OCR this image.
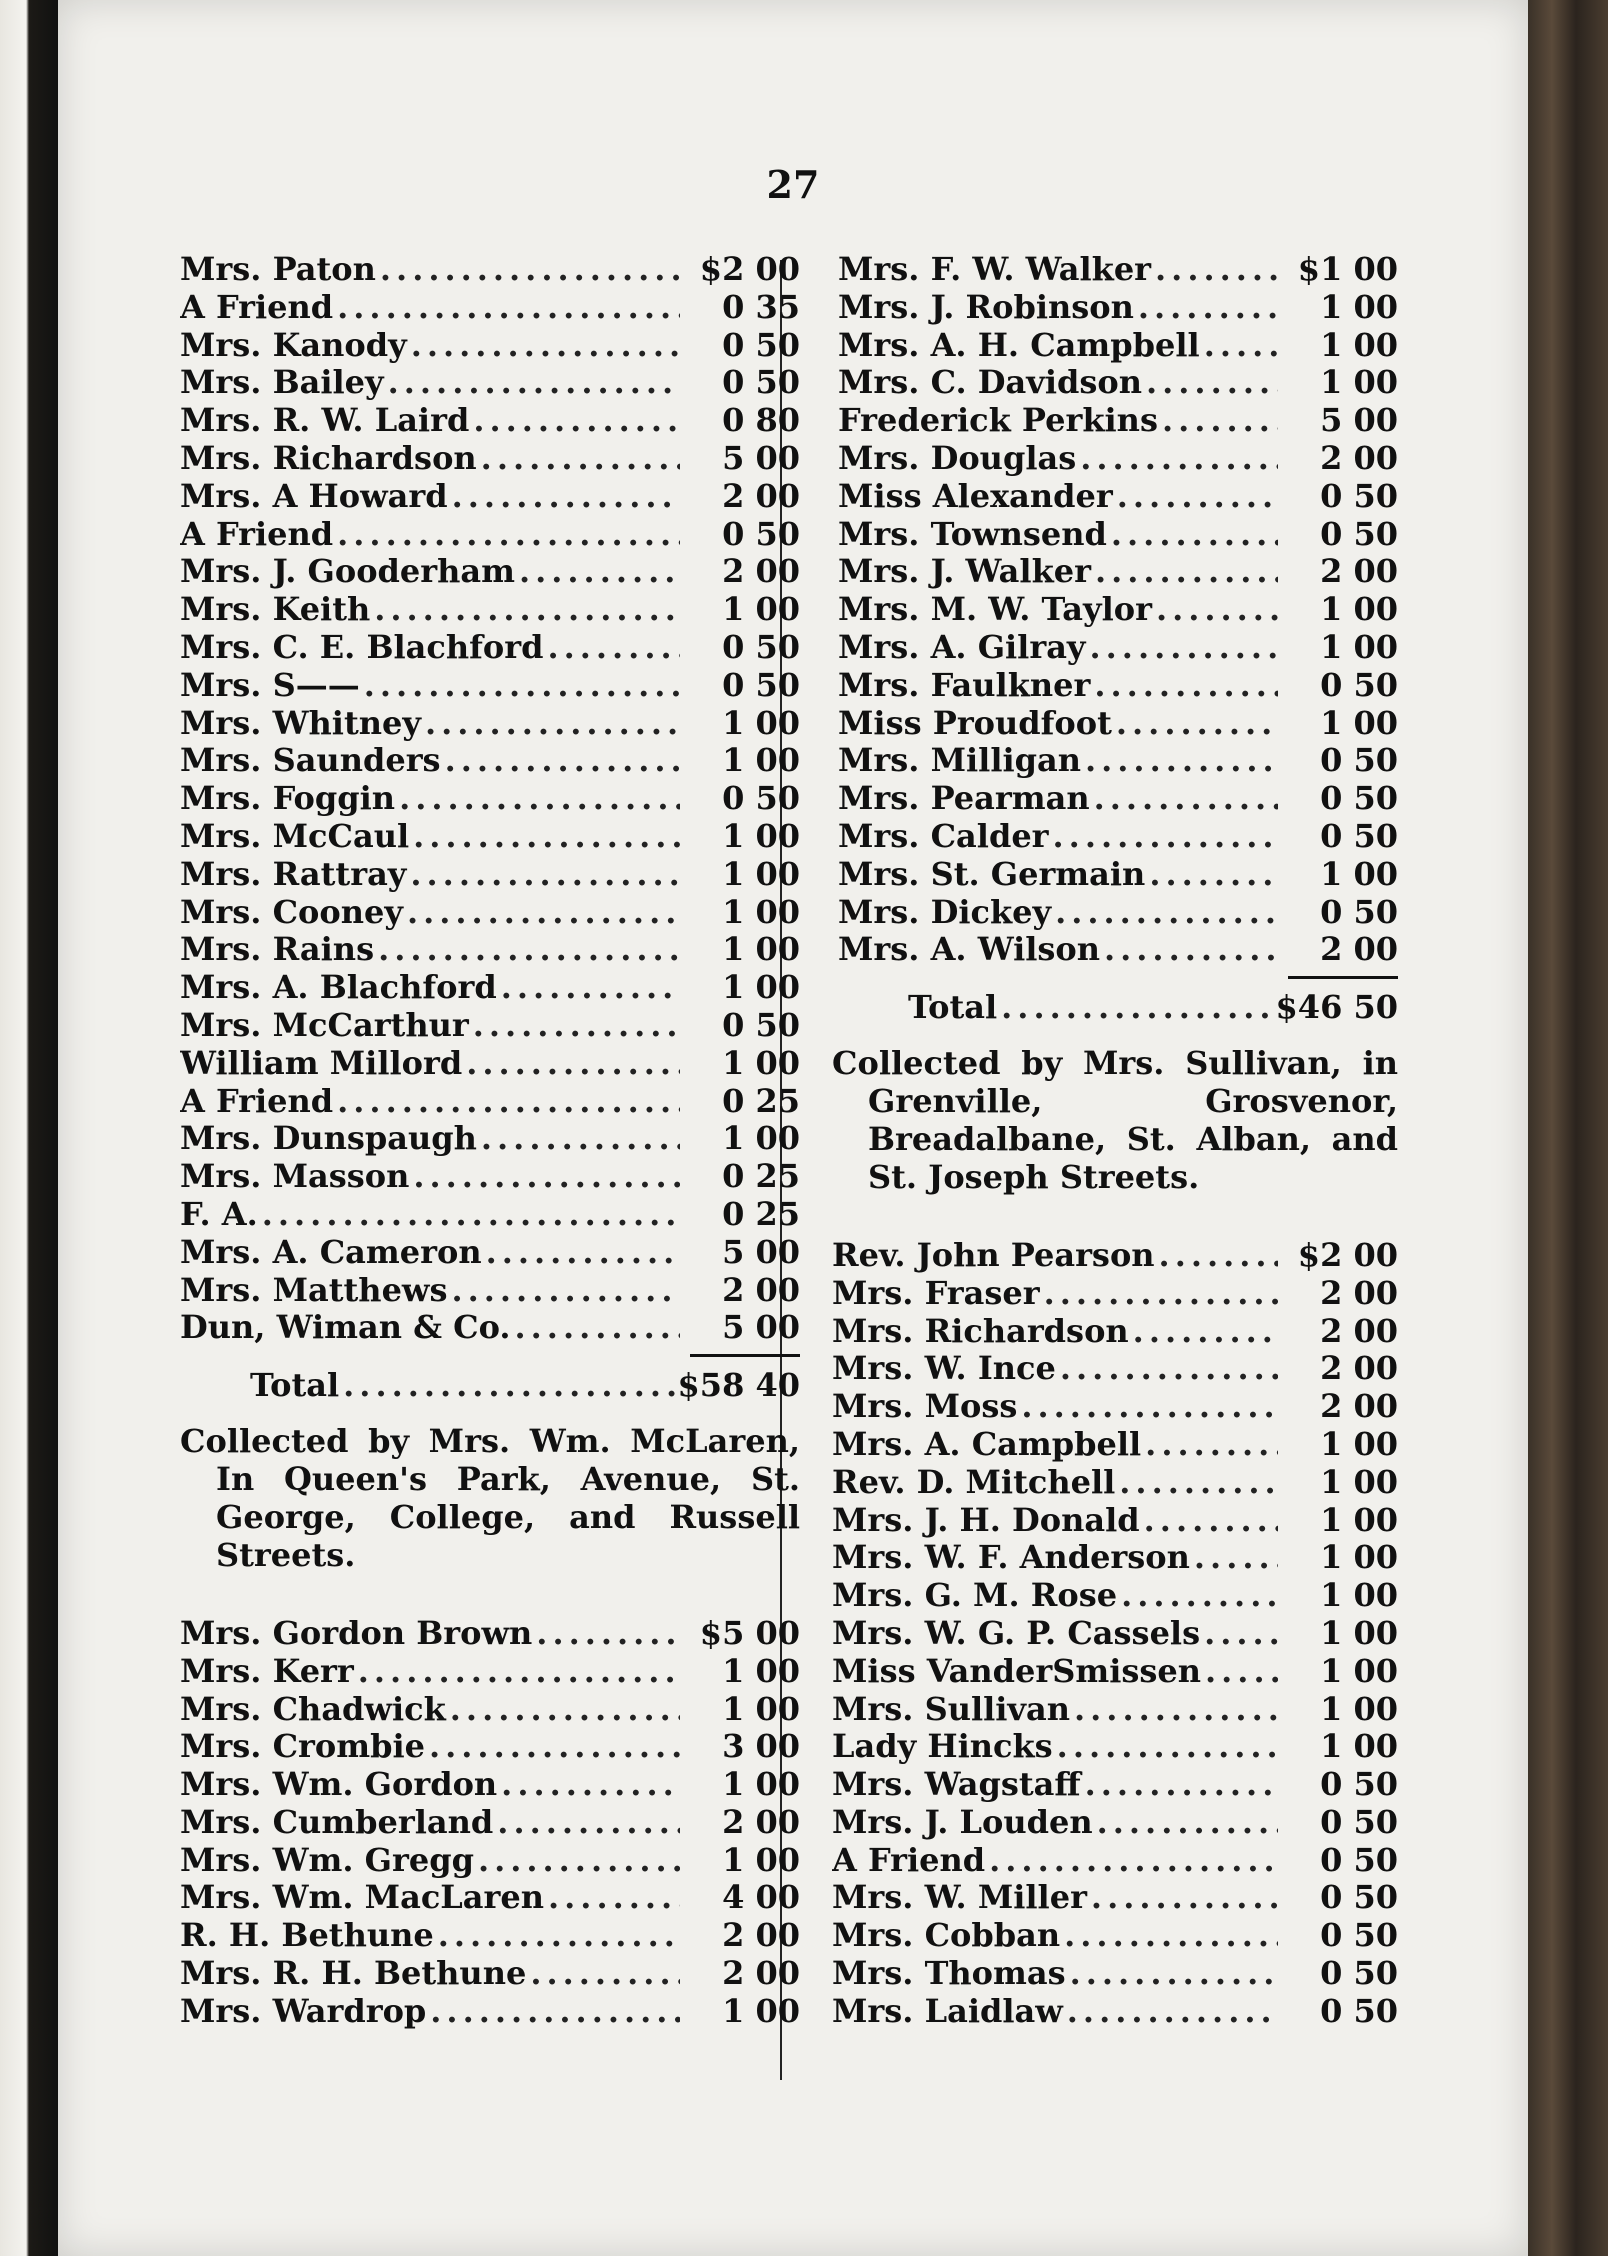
27
Mrs. Paton .....	$2 00
A Friend .....	0 35
Mrs. Kanody .....	0 50
Mrs. Bailey .....	0 50
Mrs. R. W. Laird .....	0 80
Mrs. Richardson .....	5 00
Mrs. A Howard .....	2 00
A Friend .....	0 50
Mrs. J. Gooderham .....	2 00
Mrs. Keith .....	1 00
Mrs. C. E. Blachford .....	0 50
Mrs. S—— .....	0 50
Mrs. Whitney .....	1 00
Mrs. Saunders .....	1 00
Mrs. Foggin .....	0 50
Mrs. McCaul .....	1 00
Mrs. Rattray .....	1 00
Mrs. Cooney .....	1 00
Mrs. Rains .....	1 00
Mrs. A. Blachford .....	1 00
Mrs. McCarthur .....	0 50
William Millord .....	1 00
A Friend .....	0 25
Mrs. Dunspaugh .....	1 00
Mrs. Masson .....	0 25
F. A. .....	0 25
Mrs. A. Cameron .....	5 00
Mrs. Matthews .....	2 00
Dun, Wiman & Co. .....	5 00
Total .....	$58 40
Collected by Mrs. Wm. McLaren, In Queen's Park, Avenue, St. George, College, and Russell Streets.
Mrs. Gordon Brown .....	$5 00
Mrs. Kerr .....	1 00
Mrs. Chadwick .....	1 00
Mrs. Crombie .....	3 00
Mrs. Wm. Gordon .....	1 00
Mrs. Cumberland .....	2 00
Mrs. Wm. Gregg .....	1 00
Mrs. Wm. MacLaren .....	4 00
R. H. Bethune .....	2 00
Mrs. R. H. Bethune .....	2 00
Mrs. Wardrop .....	1 00
Mrs. F. W. Walker .....	$1 00
Mrs. J. Robinson .....	1 00
Mrs. A. H. Campbell .....	1 00
Mrs. C. Davidson .....	1 00
Frederick Perkins .....	5 00
Mrs. Douglas .....	2 00
Miss Alexander .....	0 50
Mrs. Townsend .....	0 50
Mrs. J. Walker .....	2 00
Mrs. M. W. Taylor .....	1 00
Mrs. A. Gilray .....	1 00
Mrs. Faulkner .....	0 50
Miss Proudfoot .....	1 00
Mrs. Milligan .....	0 50
Mrs. Pearman .....	0 50
Mrs. Calder .....	0 50
Mrs. St. Germain .....	1 00
Mrs. Dickey .....	0 50
Mrs. A. Wilson .....	2 00
Total .....	$46 50
Collected by Mrs. Sullivan, in Grenville, Grosvenor, Breadalbane, St. Alban, and St. Joseph Streets.
Rev. John Pearson .....	$2 00
Mrs. Fraser .....	2 00
Mrs. Richardson .....	2 00
Mrs. W. Ince .....	2 00
Mrs. Moss .....	2 00
Mrs. A. Campbell .....	1 00
Rev. D. Mitchell .....	1 00
Mrs. J. H. Donald .....	1 00
Mrs. W. F. Anderson .....	1 00
Mrs. G. M. Rose .....	1 00
Mrs. W. G. P. Cassels .....	1 00
Miss VanderSmissen .....	1 00
Mrs. Sullivan .....	1 00
Lady Hincks .....	1 00
Mrs. Wagstaff .....	0 50
Mrs. J. Louden .....	0 50
A Friend .....	0 50
Mrs. W. Miller .....	0 50
Mrs. Cobban .....	0 50
Mrs. Thomas .....	0 50
Mrs. Laidlaw .....	0 50
